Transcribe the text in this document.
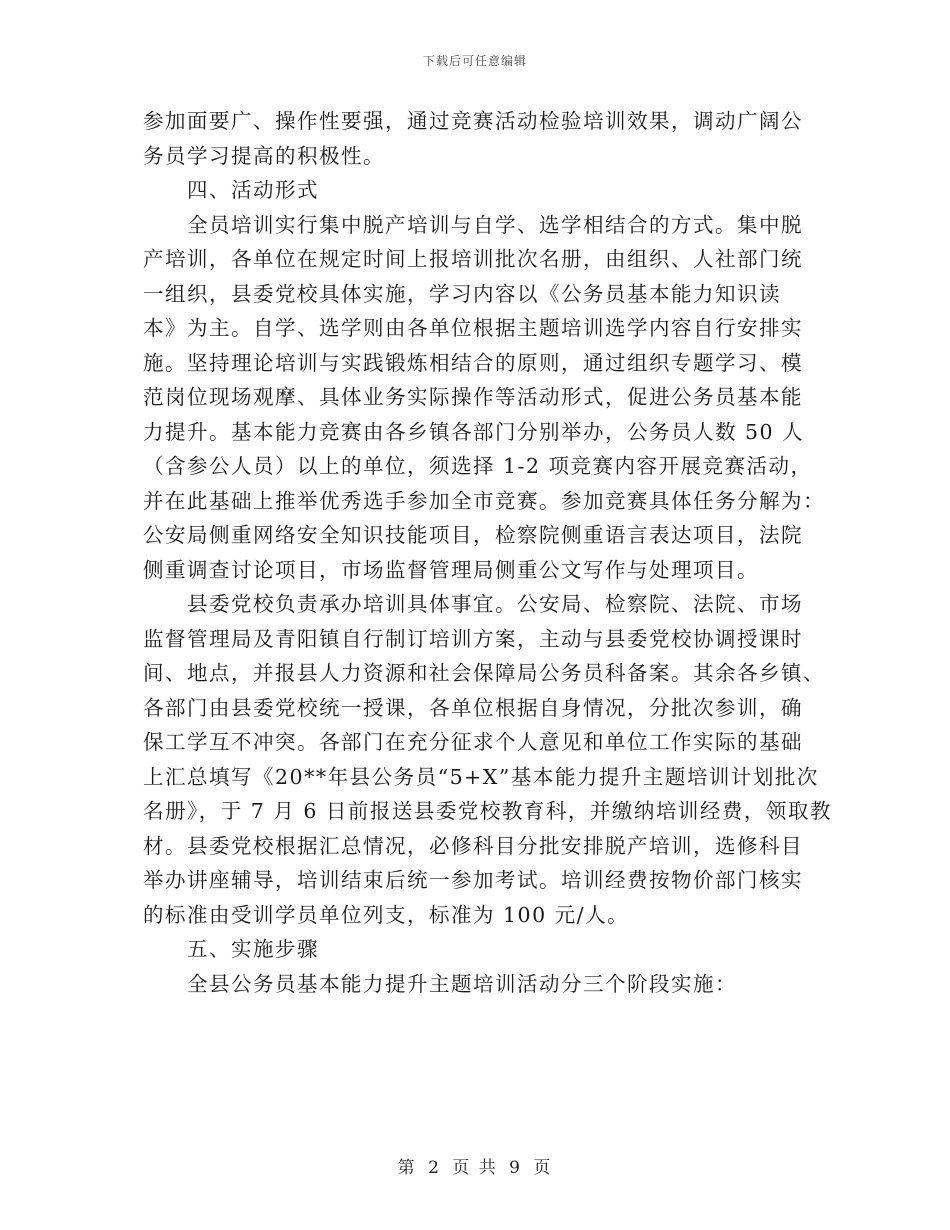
下载后可任意编辑
参加面要广、操作性要强，通过竞赛活动检验培训效果，调动广阔公
务员学习提高的积极性。
四、活动形式
全员培训实行集中脱产培训与自学、选学相结合的方式。集中脱
产培训，各单位在规定时间上报培训批次名册，由组织、人社部门统
一组织，县委党校具体实施，学习内容以《公务员基本能力知识读
本》为主。自学、选学则由各单位根据主题培训选学内容自行安排实
施。坚持理论培训与实践锻炼相结合的原则，通过组织专题学习、模
范岗位现场观摩、具体业务实际操作等活动形式，促进公务员基本能
力提升。基本能力竞赛由各乡镇各部门分别举办，公务员人数 50 人
（含参公人员）以上的单位，须选择 1-2 项竞赛内容开展竞赛活动，
并在此基础上推举优秀选手参加全市竞赛。参加竞赛具体任务分解为：
公安局侧重网络安全知识技能项目，检察院侧重语言表达项目，法院
侧重调查讨论项目，市场监督管理局侧重公文写作与处理项目。
县委党校负责承办培训具体事宜。公安局、检察院、法院、市场
监督管理局及青阳镇自行制订培训方案，主动与县委党校协调授课时
间、地点，并报县人力资源和社会保障局公务员科备案。其余各乡镇、
各部门由县委党校统一授课，各单位根据自身情况，分批次参训，确
保工学互不冲突。各部门在充分征求个人意见和单位工作实际的基础
上汇总填写《20**年县公务员“5+X”基本能力提升主题培训计划批次
名册》，于 7 月 6 日前报送县委党校教育科，并缴纳培训经费，领取教
材。县委党校根据汇总情况，必修科目分批安排脱产培训，选修科目
举办讲座辅导，培训结束后统一参加考试。培训经费按物价部门核实
的标准由受训学员单位列支，标准为 100 元/人。
五、实施步骤
全县公务员基本能力提升主题培训活动分三个阶段实施：
第 2 页 共 9 页
